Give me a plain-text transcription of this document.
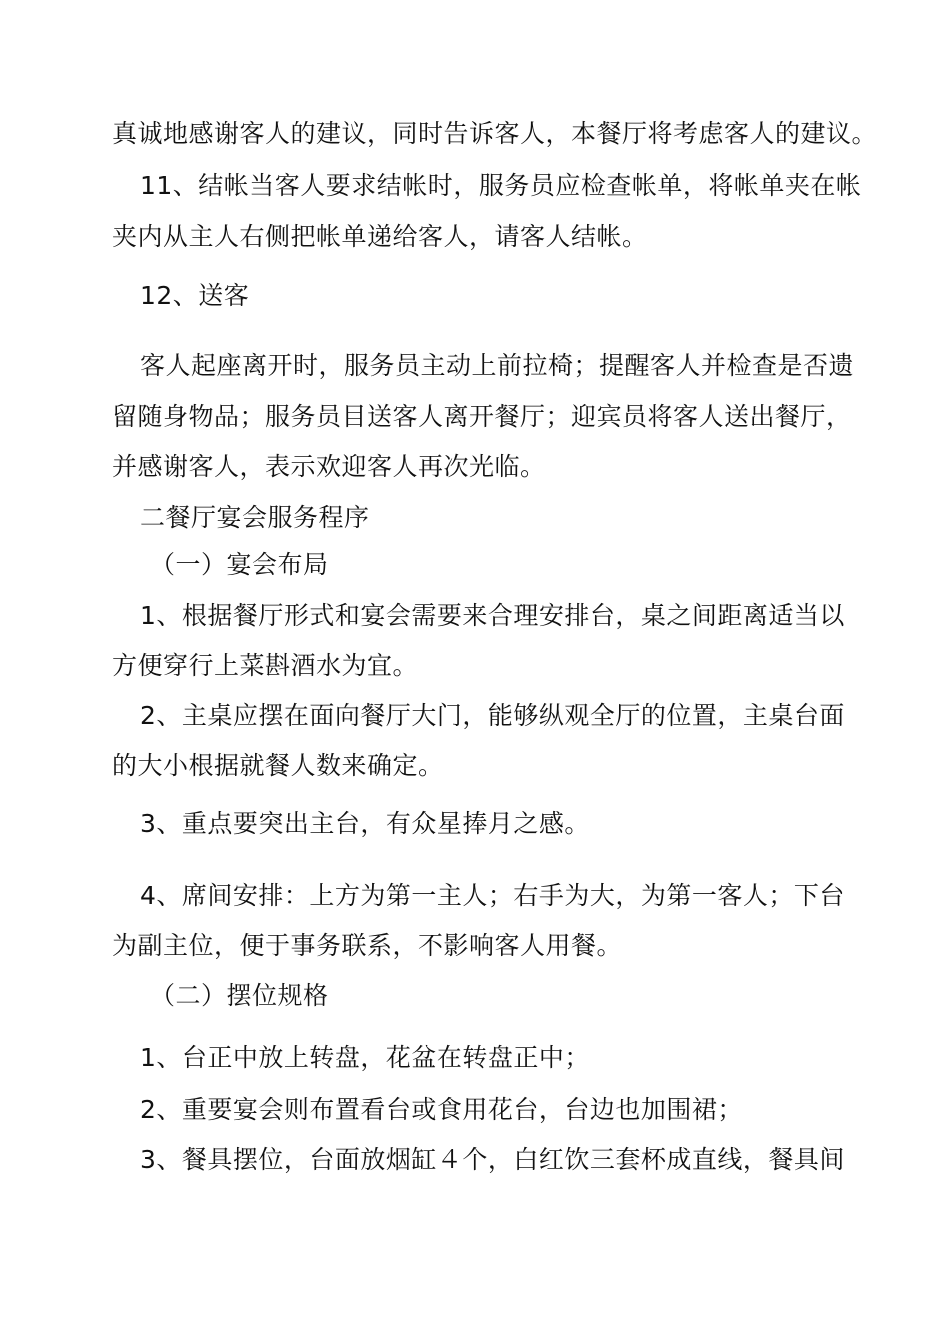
真诚地感谢客人的建议，同时告诉客人，本餐厅将考虑客人的建议。
11、结帐当客人要求结帐时，服务员应检查帐单，将帐单夹在帐
夹内从主人右侧把帐单递给客人，请客人结帐。
12、送客
客人起座离开时，服务员主动上前拉椅；提醒客人并检查是否遗
留随身物品；服务员目送客人离开餐厅；迎宾员将客人送出餐厅，
并感谢客人，表示欢迎客人再次光临。
二餐厅宴会服务程序
（一）宴会布局
1、根据餐厅形式和宴会需要来合理安排台，桌之间距离适当以
方便穿行上菜斟酒水为宜。
2、主桌应摆在面向餐厅大门，能够纵观全厅的位置，主桌台面
的大小根据就餐人数来确定。
3、重点要突出主台，有众星捧月之感。
4、席间安排：上方为第一主人；右手为大，为第一客人；下台
为副主位，便于事务联系，不影响客人用餐。
（二）摆位规格
1、台正中放上转盘，花盆在转盘正中；
2、重要宴会则布置看台或食用花台，台边也加围裙；
3、餐具摆位，台面放烟缸４个，白红饮三套杯成直线，餐具间
